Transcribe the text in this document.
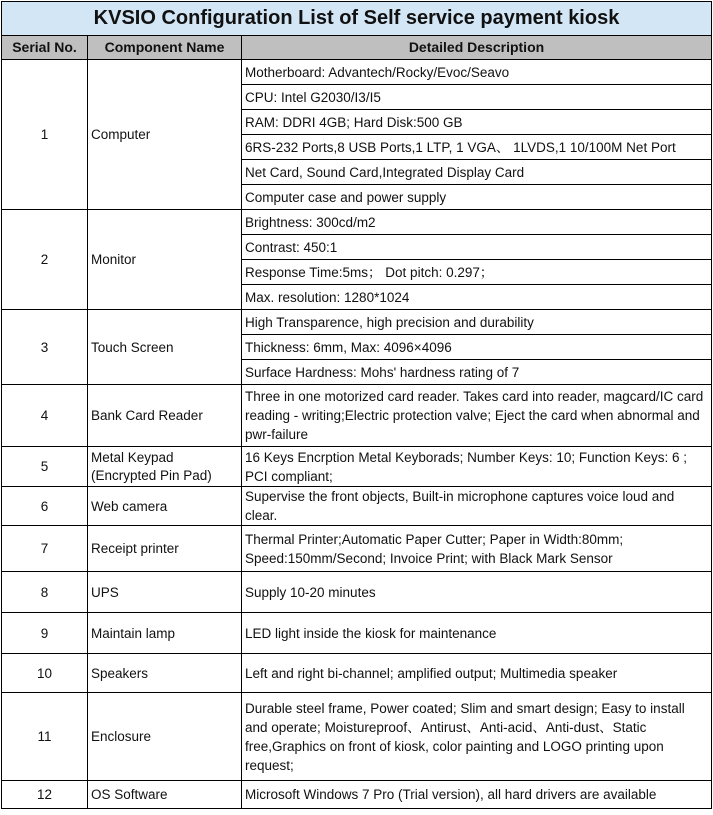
KVSIO Configuration List of Self service payment kiosk		
Serial No.	Component Name	Detailed Description
1	Computer	Motherboard: Advantech/Rocky/Evoc/Seavo
		CPU: Intel G2030/I3/I5
		RAM: DDRI 4GB; Hard Disk:500 GB
		6RS-232 Ports,8 USB Ports,1 LTP, 1 VGA、 1LVDS,1 10/100M Net Port
		Net Card, Sound Card,Integrated Display Card
		Computer case and power supply
2	Monitor	Brightness: 300cd/m2
		Contrast: 450:1
		Response Time:5ms； Dot pitch: 0.297；
		Max. resolution: 1280*1024
3	Touch Screen	High Transparence, high precision and durability
		Thickness: 6mm, Max: 4096×4096
		Surface Hardness: Mohs' hardness rating of 7
4	Bank Card Reader	Three in one motorized card reader. Takes card into reader, magcard/IC card reading - writing;Electric protection valve; Eject the card when abnormal and pwr-failure
5	Metal Keypad (Encrypted Pin Pad)	16 Keys Encrption Metal Keyborads; Number Keys: 10; Function Keys: 6 ; PCI compliant;
6	Web camera	Supervise the front objects, Built-in microphone captures voice loud and clear.
7	Receipt printer	Thermal Printer;Automatic Paper Cutter; Paper in Width:80mm; Speed:150mm/Second; Invoice Print; with Black Mark Sensor
8	UPS	Supply 10-20 minutes
9	Maintain lamp	LED light inside the kiosk for maintenance
10	Speakers	Left and right bi-channel; amplified output; Multimedia speaker
11	Enclosure	Durable steel frame, Power coated; Slim and smart design; Easy to install and operate; Moistureproof、Antirust、Anti-acid、Anti-dust、Static free,Graphics on front of kiosk, color painting and LOGO printing upon request;
12	OS Software	Microsoft Windows 7 Pro (Trial version), all hard drivers are available
